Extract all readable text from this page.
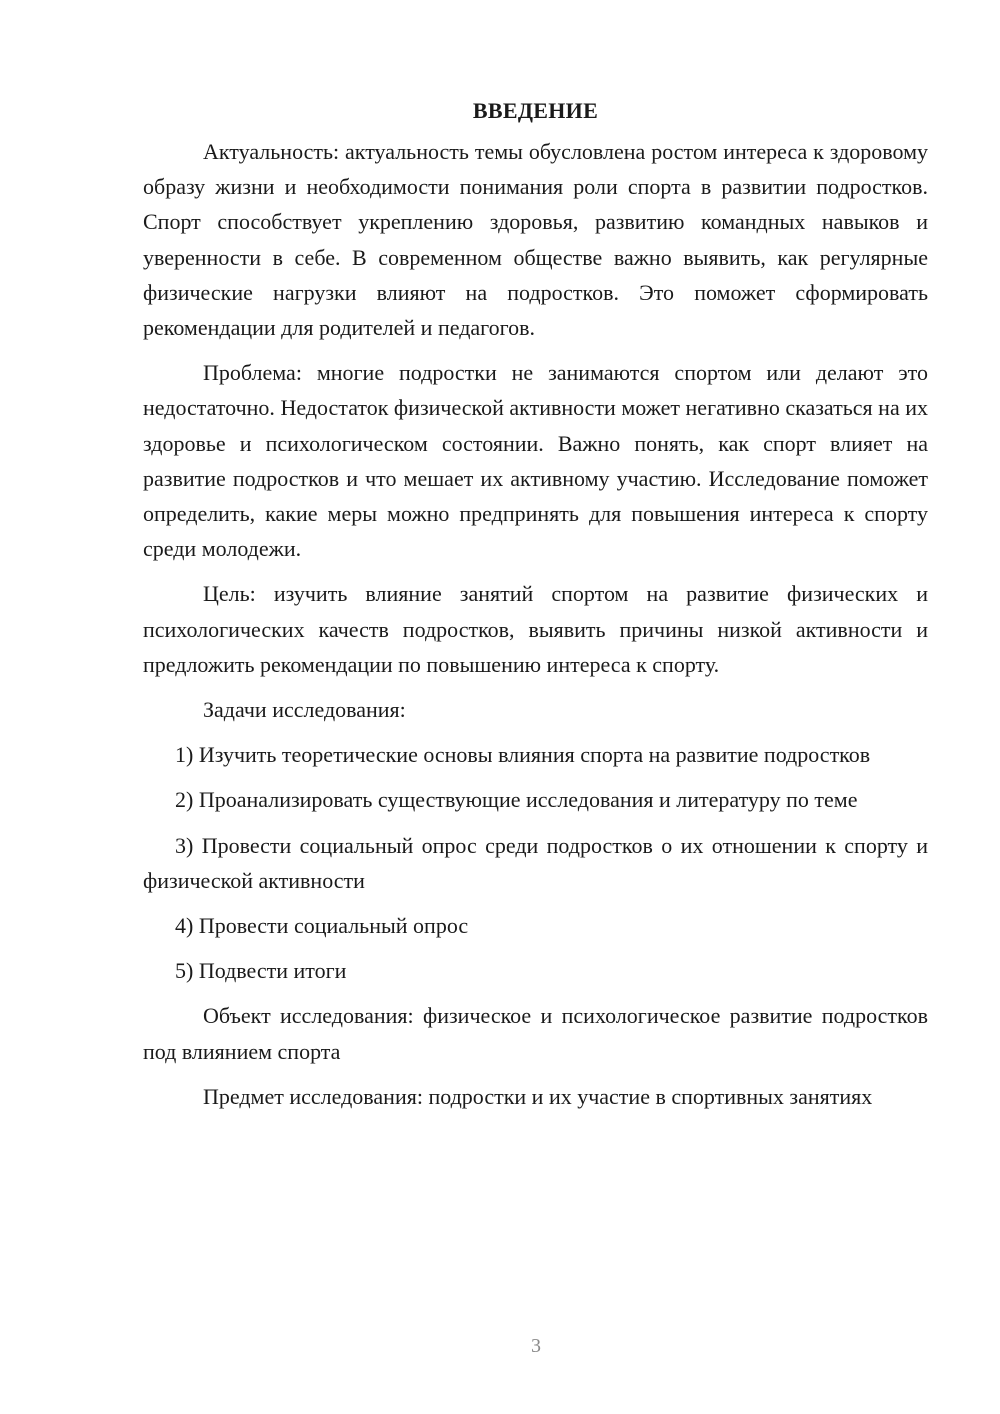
ВВЕДЕНИЕ

Актуальность: актуальность темы обусловлена ростом интереса к здоровому образу жизни и необходимости понимания роли спорта в развитии подростков. Спорт способствует укреплению здоровья, развитию командных навыков и уверенности в себе. В современном обществе важно выявить, как регулярные физические нагрузки влияют на подростков. Это поможет сформировать рекомендации для родителей и педагогов.

Проблема: многие подростки не занимаются спортом или делают это недостаточно. Недостаток физической активности может негативно сказаться на их здоровье и психологическом состоянии. Важно понять, как спорт влияет на развитие подростков и что мешает их активному участию. Исследование поможет определить, какие меры можно предпринять для повышения интереса к спорту среди молодежи.

Цель: изучить влияние занятий спортом на развитие физических и психологических качеств подростков, выявить причины низкой активности и предложить рекомендации по повышению интереса к спорту.

Задачи исследования:

1) Изучить теоретические основы влияния спорта на развитие подростков

2) Проанализировать существующие исследования и литературу по теме

3) Провести социальный опрос среди подростков о их отношении к спорту и физической активности

4) Провести социальный опрос

5) Подвести итоги

Объект исследования: физическое и психологическое развитие подростков под влиянием спорта

Предмет исследования: подростки и их участие в спортивных занятиях

3
